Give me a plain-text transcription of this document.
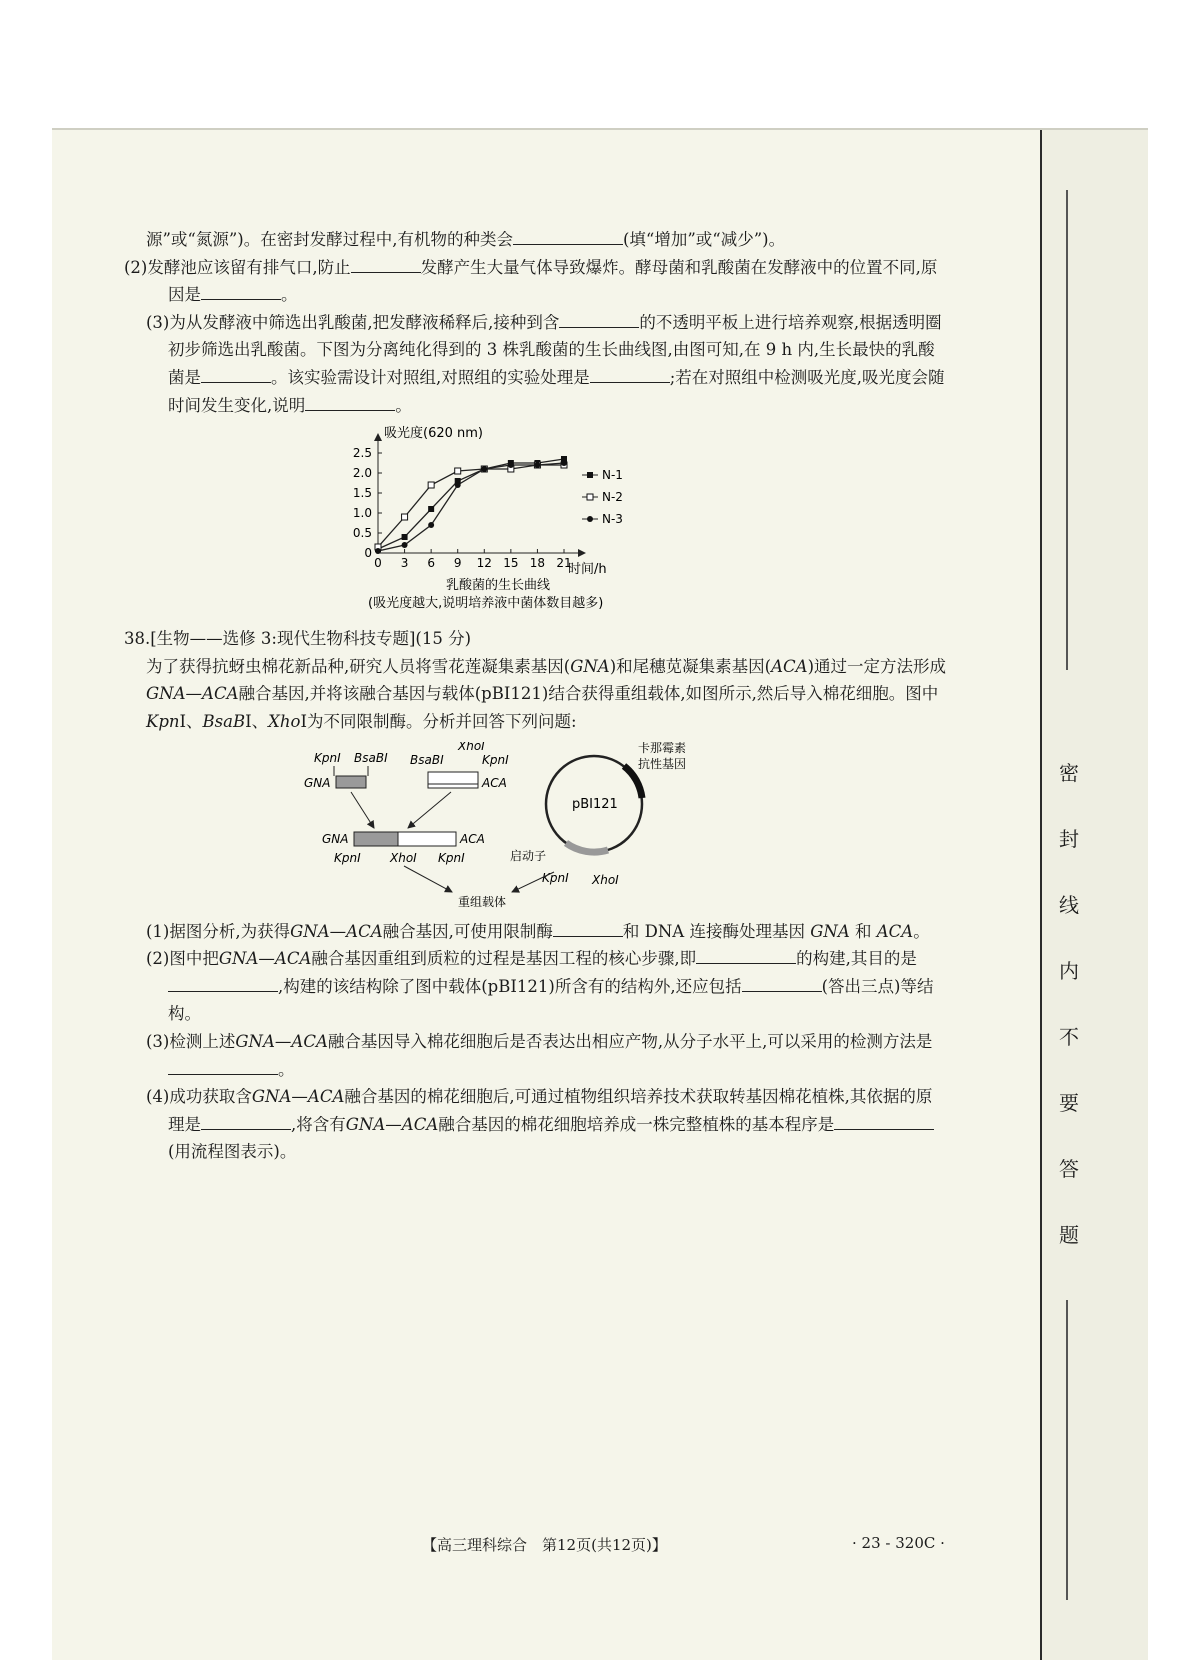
密封线内不要答题
【高三理科综合　第12页(共12页)】	· 23 - 320C ·

源”或“氮源”)。在密封发酵过程中,有机物的种类会	(填“增加”或“减少”)。

(2)发酵池应该留有排气口,防止	发酵产生大量气体导致爆炸。酵母菌和乳酸菌在发酵液中的位置不同,原因是	。

(3)为从发酵液中筛选出乳酸菌,把发酵液稀释后,接种到含	的不透明平板上进行培养观察,根据透明圈初步筛选出乳酸菌。下图为分离纯化得到的 3 株乳酸菌的生长曲线图,由图可知,在 9 h 内,生长最快的乳酸菌是	。该实验需设计对照组,对照组的实验处理是	;若在对照组中检测吸光度,吸光度会随时间发生变化,说明	。

0
0.5
1.0
1.5
2.0
2.5
0 3 6 9 12 15 18 21
N-1
N-2
N-3
吸光度(620 nm)
时间/h
乳酸菌的生长曲线
(吸光度越大,说明培养液中菌体数目越多)

38.[生物——选修 3:现代生物科技专题](15 分)

为了获得抗蚜虫棉花新品种,研究人员将雪花莲凝集素基因(GNA)和尾穗苋凝集素基因(ACA)通过一定方法形成GNA—ACA融合基因,并将该融合基因与载体(pBI121)结合获得重组载体,如图所示,然后导入棉花细胞。图中KpnⅠ、BsaBⅠ、XhoⅠ为不同限制酶。分析并回答下列问题:

KpnⅠ BsaBⅠ
GNA
XhoⅠ
BsaBⅠ	KpnⅠ
ACA
GNA	ACA
KpnⅠ XhoⅠ KpnⅠ
pBI121
卡那霉素
抗性基因
启动子
KpnⅠ XhoⅠ
重组载体

(1)据图分析,为获得GNA—ACA融合基因,可使用限制酶	和 DNA 连接酶处理基因 GNA 和 ACA。

(2)图中把GNA—ACA融合基因重组到质粒的过程是基因工程的核心步骤,即	的构建,其目的是,构建的该结构除了图中载体(pBI121)所含有的结构外,还应包括	(答出三点)等结构。

(3)检测上述GNA—ACA融合基因导入棉花细胞后是否表达出相应产物,从分子水平上,可以采用的检测方法是。

(4)成功获取含GNA—ACA融合基因的棉花细胞后,可通过植物组织培养技术获取转基因棉花植株,其依据的原理是	,将含有GNA—ACA融合基因的棉花细胞培养成一株完整植株的基本程序是(用流程图表示)。
